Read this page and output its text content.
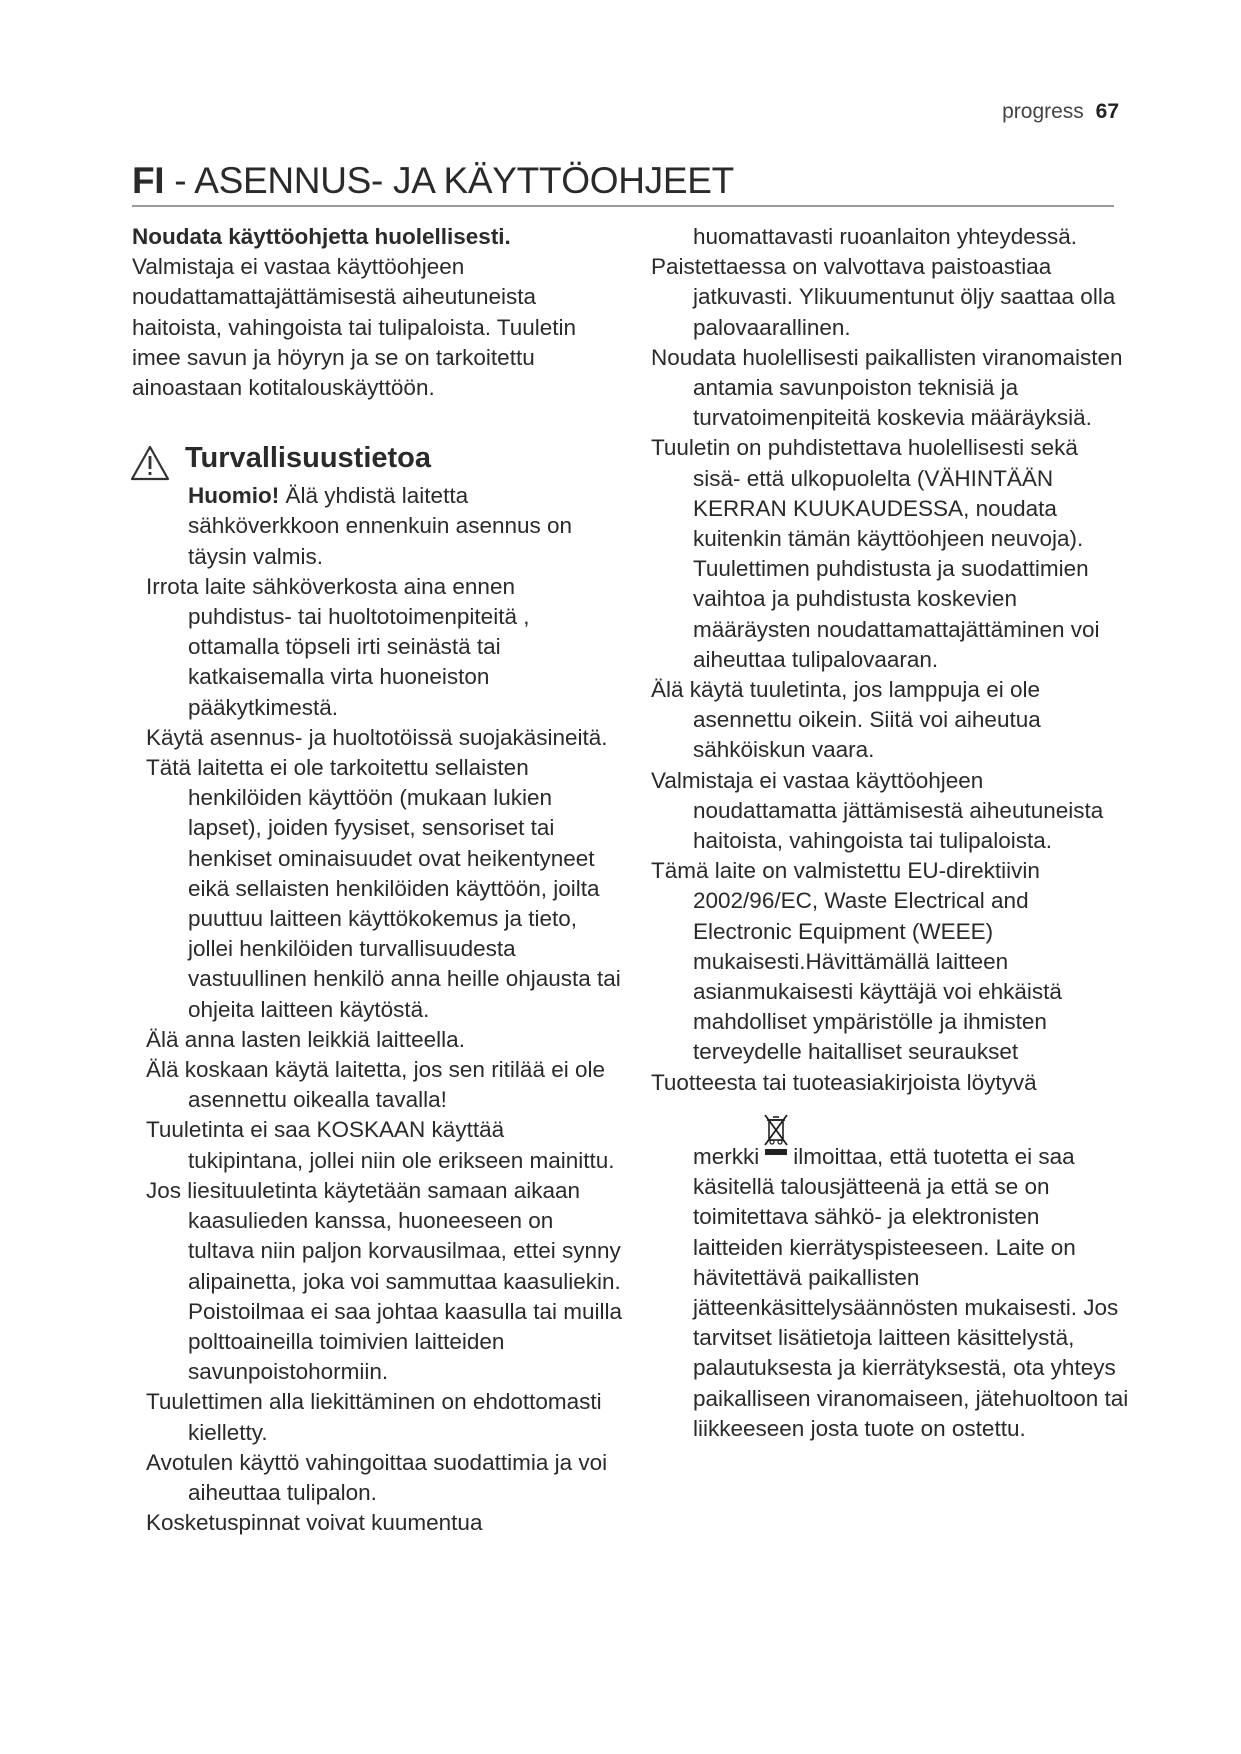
progress 67
FI - ASENNUS- JA KÄYTTÖOHJEET

Noudata käyttöohjetta huolellisesti.

Valmistaja ei vastaa käyttöohjeen noudattamattajättämisestä aiheutuneista haitoista, vahingoista tai tulipaloista. Tuuletin imee savun ja höyryn ja se on tarkoitettu ainoastaan kotitalouskäyttöön.

Turvallisuustietoa

Huomio! Älä yhdistä laitetta sähköverkkoon ennenkuin asennus on täysin valmis.

Irrota laite sähköverkosta aina ennen puhdistus- tai huoltotoimenpiteitä , ottamalla töpseli irti seinästä tai katkaisemalla virta huoneiston pääkytkimestä.

Käytä asennus- ja huoltotöissä suojakäsineitä.

Tätä laitetta ei ole tarkoitettu sellaisten henkilöiden käyttöön (mukaan lukien lapset), joiden fyysiset, sensoriset tai henkiset ominaisuudet ovat heikentyneet eikä sellaisten henkilöiden käyttöön, joilta puuttuu laitteen käyttökokemus ja tieto, jollei henkilöiden turvallisuudesta vastuullinen henkilö anna heille ohjausta tai ohjeita laitteen käytöstä.

Älä anna lasten leikkiä laitteella.

Älä koskaan käytä laitetta, jos sen ritilää ei ole asennettu oikealla tavalla!

Tuuletinta ei saa KOSKAAN käyttää tukipintana, jollei niin ole erikseen mainittu.

Jos liesituuletinta käytetään samaan aikaan kaasulieden kanssa, huoneeseen on tultava niin paljon korvausilmaa, ettei synny alipainetta, joka voi sammuttaa kaasuliekin. Poistoilmaa ei saa johtaa kaasulla tai muilla polttoaineilla toimivien laitteiden savunpoistohormiin.

Tuulettimen alla liekittäminen on ehdottomasti kielletty.

Avotulen käyttö vahingoittaa suodattimia ja voi aiheuttaa tulipalon.

Kosketuspinnat voivat kuumentua

huomattavasti ruoanlaiton yhteydessä.

Paistettaessa on valvottava paistoastiaa jatkuvasti. Ylikuumentunut öljy saattaa olla palovaarallinen.

Noudata huolellisesti paikallisten viranomaisten antamia savunpoiston teknisiä ja turvatoimenpiteitä koskevia määräyksiä.

Tuuletin on puhdistettava huolellisesti sekä sisä- että ulkopuolelta (VÄHINTÄÄN KERRAN KUUKAUDESSA, noudata kuitenkin tämän käyttöohjeen neuvoja). Tuulettimen puhdistusta ja suodattimien vaihtoa ja puhdistusta koskevien määräysten noudattamattajättäminen voi aiheuttaa tulipalovaaran.

Älä käytä tuuletinta, jos lamppuja ei ole asennettu oikein. Siitä voi aiheutua sähköiskun vaara.

Valmistaja ei vastaa käyttöohjeen noudattamatta jättämisestä aiheutuneista haitoista, vahingoista tai tulipaloista.

Tämä laite on valmistettu EU-direktiivin 2002/96/EC, Waste Electrical and Electronic Equipment (WEEE) mukaisesti.Hävittämällä laitteen asianmukaisesti käyttäjä voi ehkäistä mahdolliset ympäristölle ja ihmisten terveydelle haitalliset seuraukset

Tuotteesta tai tuoteasiakirjoista löytyvä

merkki ilmoittaa, että tuotetta ei saa käsitellä talousjätteenä ja että se on toimitettava sähkö- ja elektronisten laitteiden kierrätyspisteeseen. Laite on hävitettävä paikallisten jätteenkäsittelysäännösten mukaisesti. Jos tarvitset lisätietoja laitteen käsittelystä, palautuksesta ja kierrätyksestä, ota yhteys paikalliseen viranomaiseen, jätehuoltoon tai liikkeeseen josta tuote on ostettu.
